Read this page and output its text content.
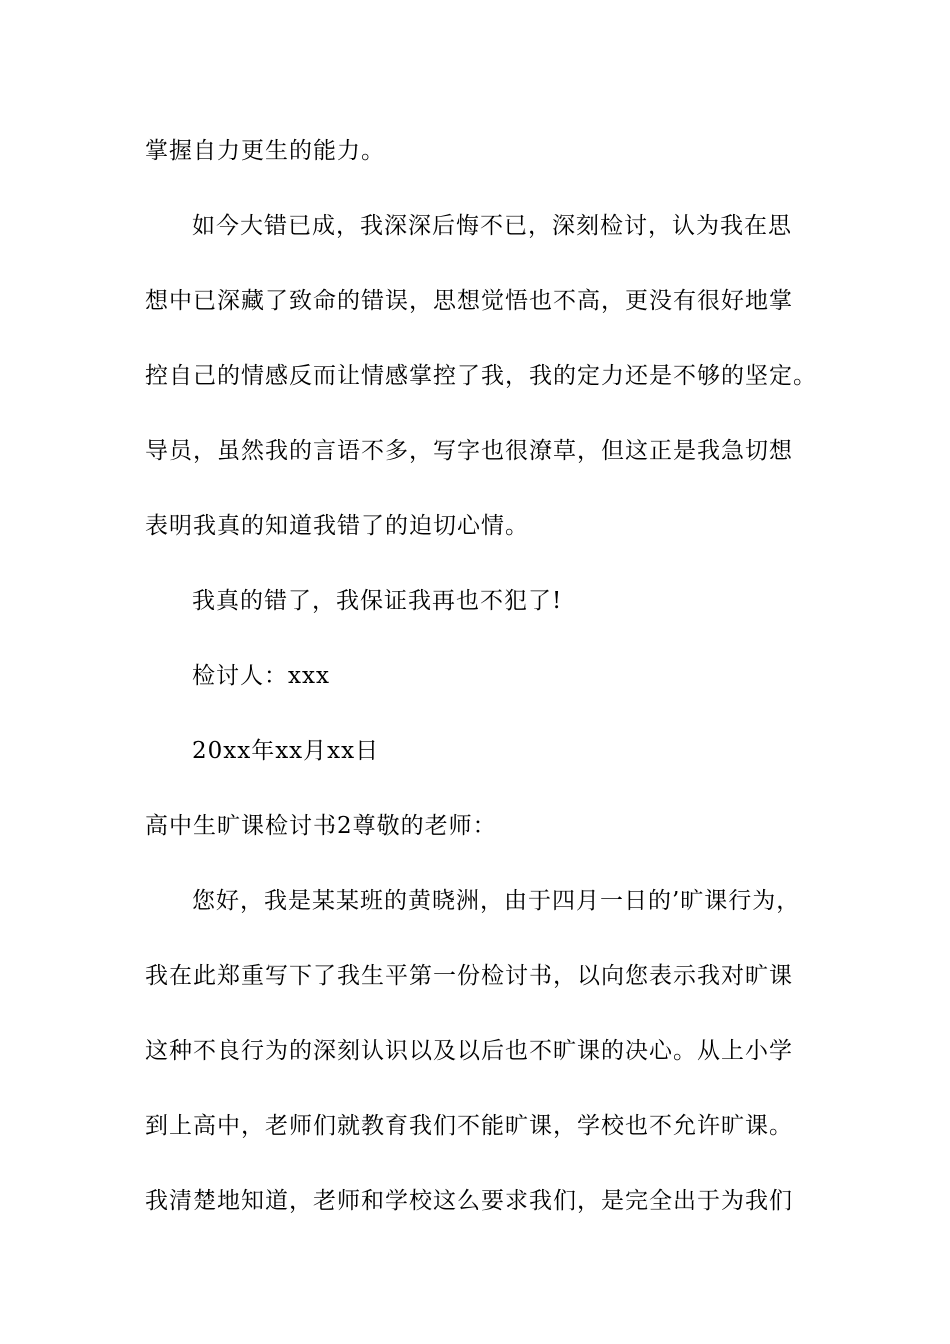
掌握自力更生的能力。
如今大错已成，我深深后悔不已，深刻检讨，认为我在思
想中已深藏了致命的错误，思想觉悟也不高，更没有很好地掌
控自己的情感反而让情感掌控了我，我的定力还是不够的坚定。
导员，虽然我的言语不多，写字也很潦草，但这正是我急切想
表明我真的知道我错了的迫切心情。
我真的错了，我保证我再也不犯了!
检讨人：xxx
20xx年xx月xx日
高中生旷课检讨书2尊敬的老师：
您好，我是某某班的黄晓洲，由于四月一日的’旷课行为，
我在此郑重写下了我生平第一份检讨书，以向您表示我对旷课
这种不良行为的深刻认识以及以后也不旷课的决心。从上小学
到上高中，老师们就教育我们不能旷课，学校也不允许旷课。
我清楚地知道，老师和学校这么要求我们，是完全出于为我们
